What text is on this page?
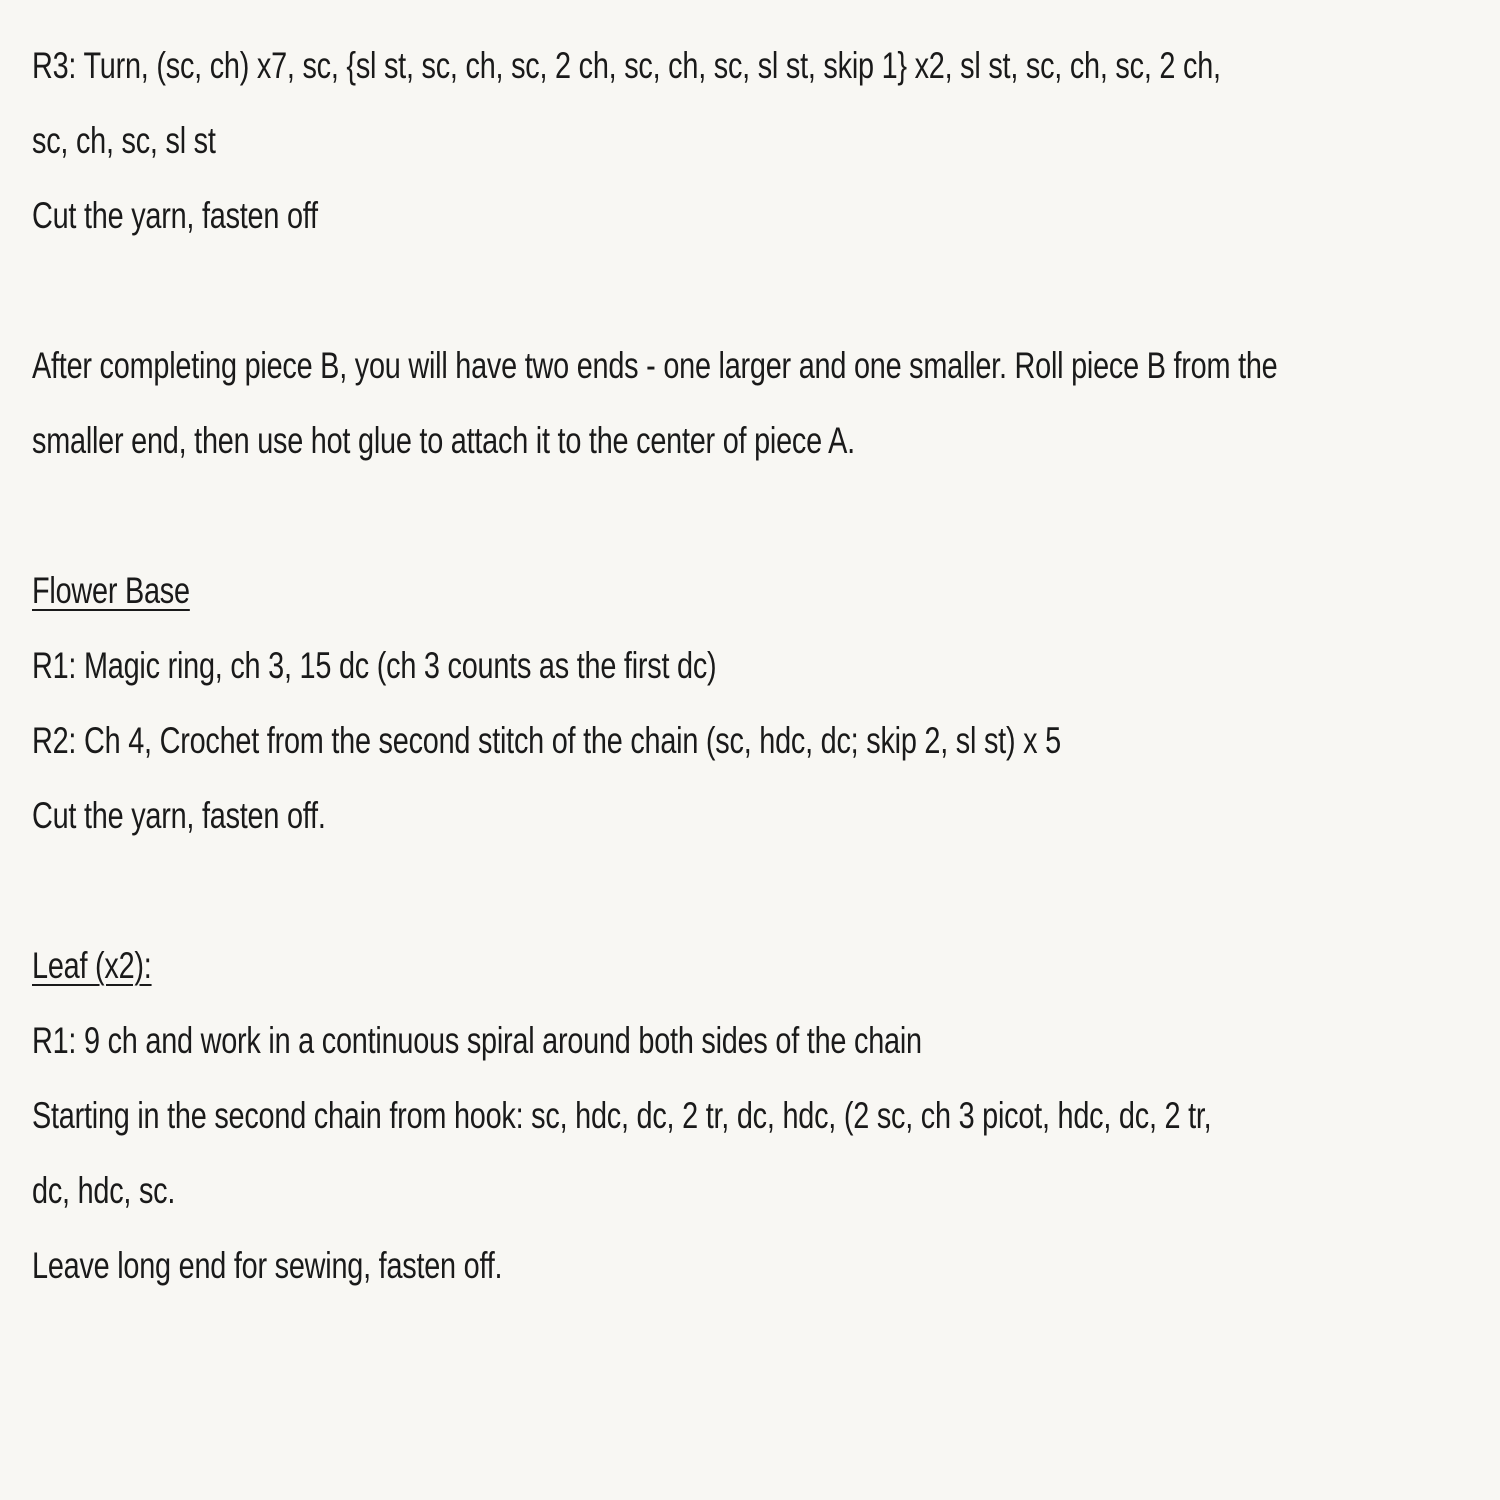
R3: Turn, (sc, ch) x7, sc, {sl st, sc, ch, sc, 2 ch, sc, ch, sc, sl st, skip 1} x2, sl st, sc, ch, sc, 2 ch,
sc, ch, sc, sl st
Cut the yarn, fasten off
After completing piece B, you will have two ends - one larger and one smaller. Roll piece B from the
smaller end, then use hot glue to attach it to the center of piece A.
Flower Base
R1: Magic ring, ch 3, 15 dc (ch 3 counts as the first dc)
R2: Ch 4, Crochet from the second stitch of the chain (sc, hdc, dc; skip 2, sl st) x 5
Cut the yarn, fasten off.
Leaf (x2):
R1: 9 ch and work in a continuous spiral around both sides of the chain
Starting in the second chain from hook: sc, hdc, dc, 2 tr, dc, hdc, (2 sc, ch 3 picot, hdc, dc, 2 tr,
dc, hdc, sc.
Leave long end for sewing, fasten off.
